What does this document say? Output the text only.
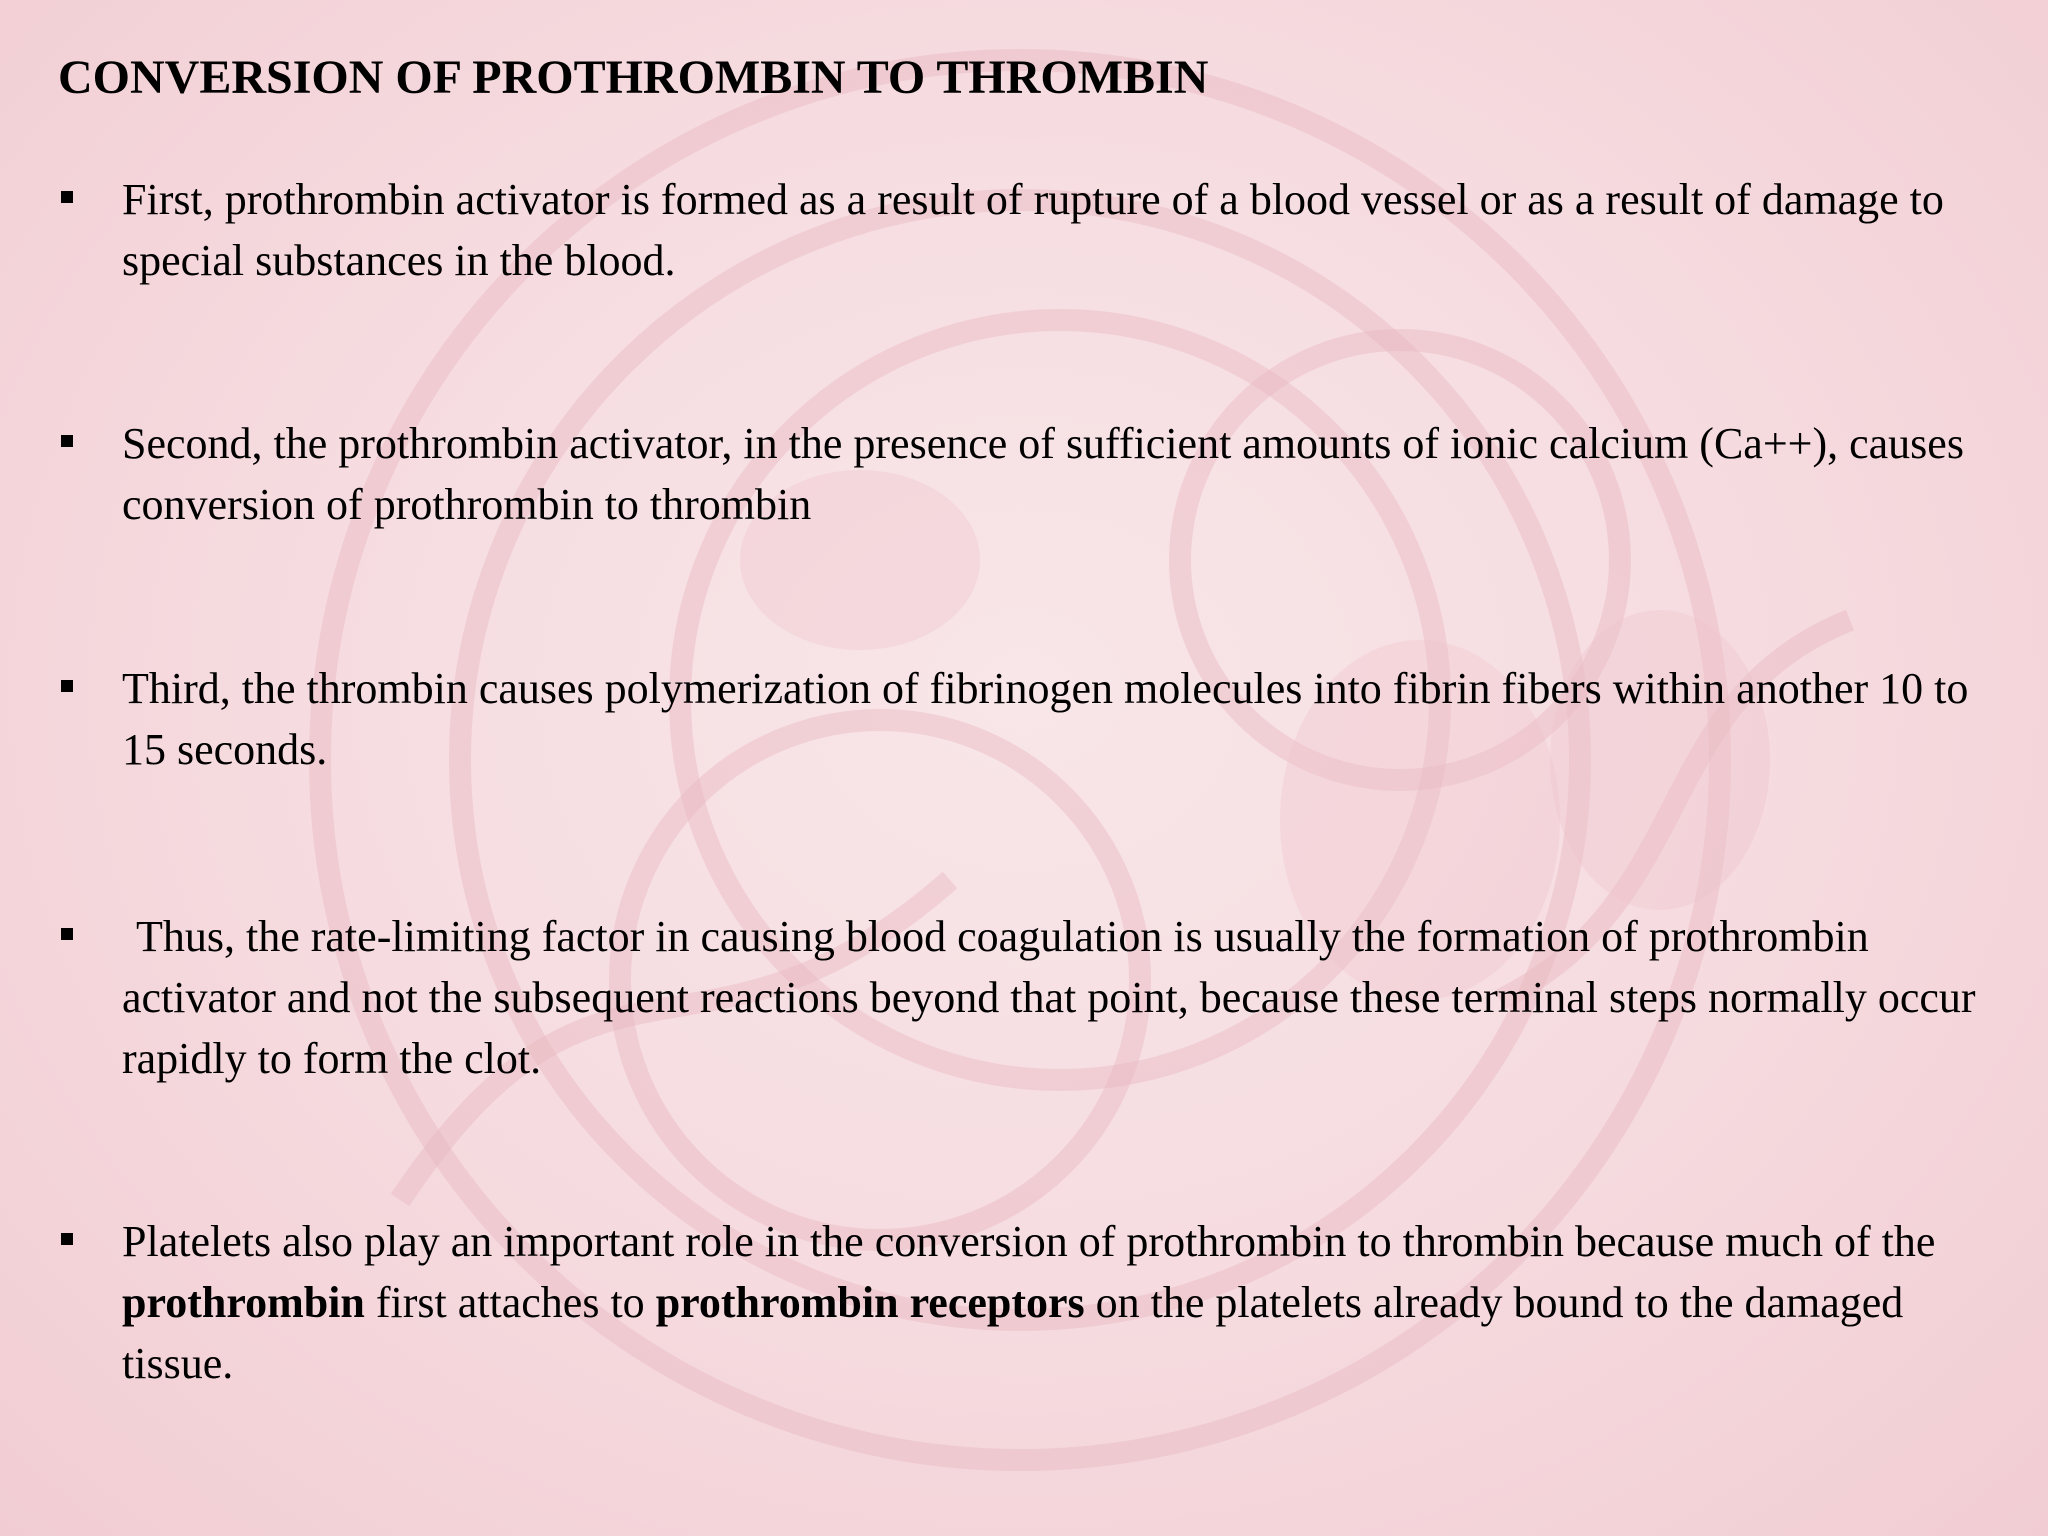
CONVERSION OF PROTHROMBIN TO THROMBIN
First, prothrombin activator is formed as a result of rupture of a blood vessel or as a result of damage to special substances in the blood.
Second, the prothrombin activator, in the presence of sufficient amounts of ionic calcium (Ca++), causes conversion of prothrombin to thrombin
Third, the thrombin causes polymerization of fibrinogen molecules into fibrin fibers within another 10 to 15 seconds.
Thus, the rate-limiting factor in causing blood coagulation is usually the formation of prothrombin activator and not the subsequent reactions beyond that point, because these terminal steps normally occur rapidly to form the clot.
Platelets also play an important role in the conversion of prothrombin to thrombin because much of the prothrombin first attaches to prothrombin receptors on the platelets already bound to the damaged tissue.
